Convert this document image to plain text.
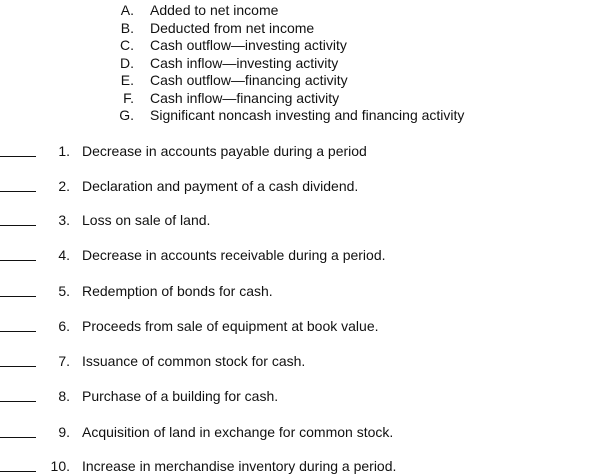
A. Added to net income
B. Deducted from net income
C. Cash outflow—investing activity
D. Cash inflow—investing activity
E. Cash outflow—financing activity
F. Cash inflow—financing activity
G. Significant noncash investing and financing activity
1. Decrease in accounts payable during a period
2. Declaration and payment of a cash dividend.
3. Loss on sale of land.
4. Decrease in accounts receivable during a period.
5. Redemption of bonds for cash.
6. Proceeds from sale of equipment at book value.
7. Issuance of common stock for cash.
8. Purchase of a building for cash.
9. Acquisition of land in exchange for common stock.
10. Increase in merchandise inventory during a period.
